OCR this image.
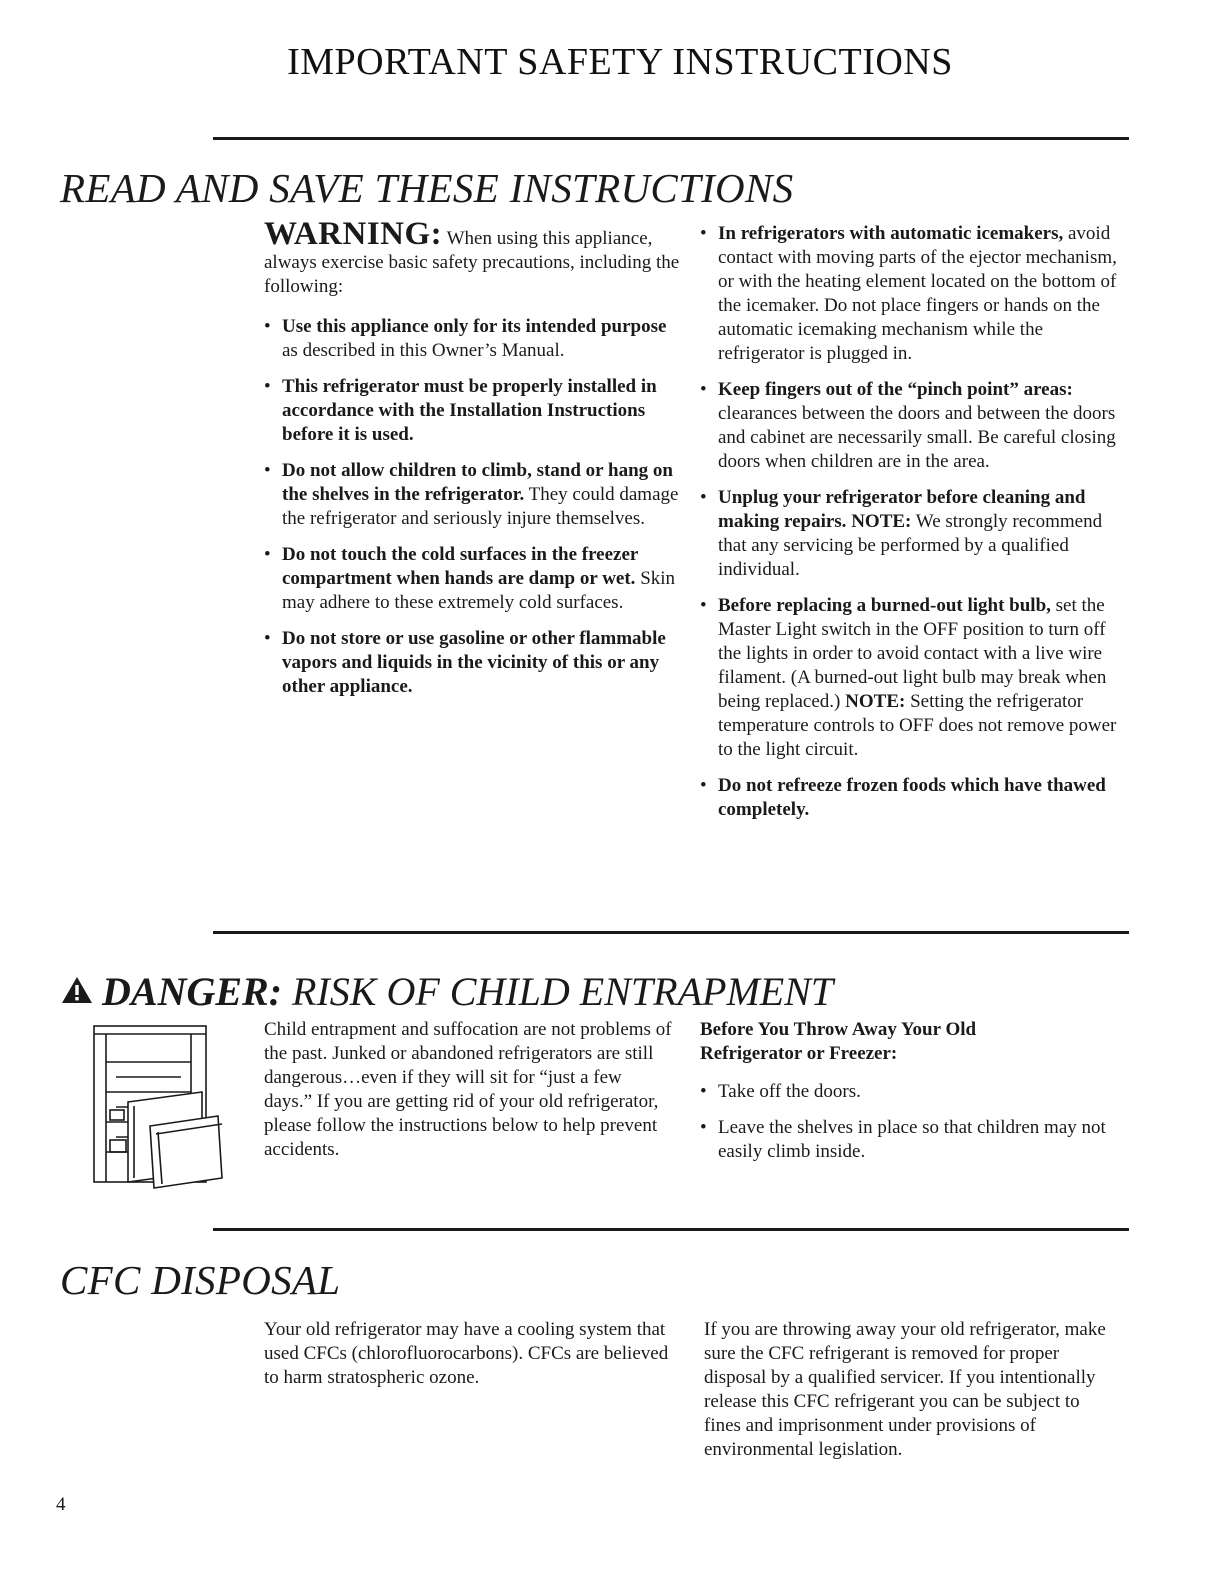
IMPORTANT SAFETY INSTRUCTIONS
READ AND SAVE THESE INSTRUCTIONS

WARNING: When using this appliance, always exercise basic safety precautions, including the following:

• Use this appliance only for its intended purpose as described in this Owner’s Manual.
• This refrigerator must be properly installed in accordance with the Installation Instructions before it is used.
• Do not allow children to climb, stand or hang on the shelves in the refrigerator. They could damage the refrigerator and seriously injure themselves.
• Do not touch the cold surfaces in the freezer compartment when hands are damp or wet. Skin may adhere to these extremely cold surfaces.
• Do not store or use gasoline or other flammable vapors and liquids in the vicinity of this or any other appliance.
• In refrigerators with automatic icemakers, avoid contact with moving parts of the ejector mechanism, or with the heating element located on the bottom of the icemaker. Do not place fingers or hands on the automatic icemaking mechanism while the refrigerator is plugged in.
• Keep fingers out of the “pinch point” areas: clearances between the doors and between the doors and cabinet are necessarily small. Be careful closing doors when children are in the area.
• Unplug your refrigerator before cleaning and making repairs. NOTE: We strongly recommend that any servicing be performed by a qualified individual.
• Before replacing a burned-out light bulb, set the Master Light switch in the OFF position to turn off the lights in order to avoid contact with a live wire filament. (A burned-out light bulb may break when being replaced.) NOTE: Setting the refrigerator temperature controls to OFF does not remove power to the light circuit.
• Do not refreeze frozen foods which have thawed completely.
DANGER: RISK OF CHILD ENTRAPMENT

Child entrapment and suffocation are not problems of the past. Junked or abandoned refrigerators are still dangerous…even if they will sit for “just a few days.” If you are getting rid of your old refrigerator, please follow the instructions below to help prevent accidents.

Before You Throw Away Your Old Refrigerator or Freezer:

• Take off the doors.
• Leave the shelves in place so that children may not easily climb inside.
CFC DISPOSAL

Your old refrigerator may have a cooling system that used CFCs (chlorofluorocarbons). CFCs are believed to harm stratospheric ozone.

If you are throwing away your old refrigerator, make sure the CFC refrigerant is removed for proper disposal by a qualified servicer. If you intentionally release this CFC refrigerant you can be subject to fines and imprisonment under provisions of environmental legislation.

4
